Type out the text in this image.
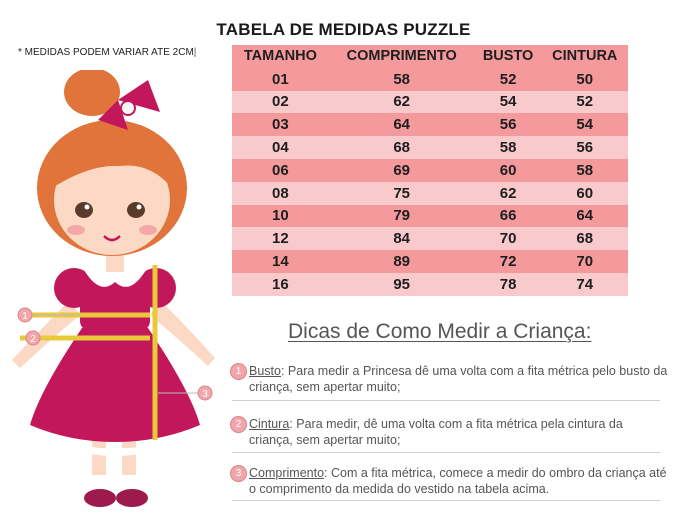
TABELA DE MEDIDAS PUZZLE
* MEDIDAS PODEM VARIAR ATE 2CM|	TAMANHO	COMPRIMENTO	BUSTO	CINTURA
01	58	52	50
02	62	54	52
03	64	56	54
04	68	58	56
06	69	60	58
08	75	62	60
10	79	66	64
12	84	70	68
14	89	72	70
16	95	78	74
1
2
3
Dicas de Como Medir a Criança:
1 Busto: Para medir a Princesa dê uma volta com a fita métrica pelo busto da criança, sem apertar muito;
2 Cintura: Para medir, dê uma volta com a fita métrica pela cintura da criança, sem apertar muito;
3 Comprimento: Com a fita métrica, comece a medir do ombro da criança até o comprimento da medida do vestido na tabela acima.
